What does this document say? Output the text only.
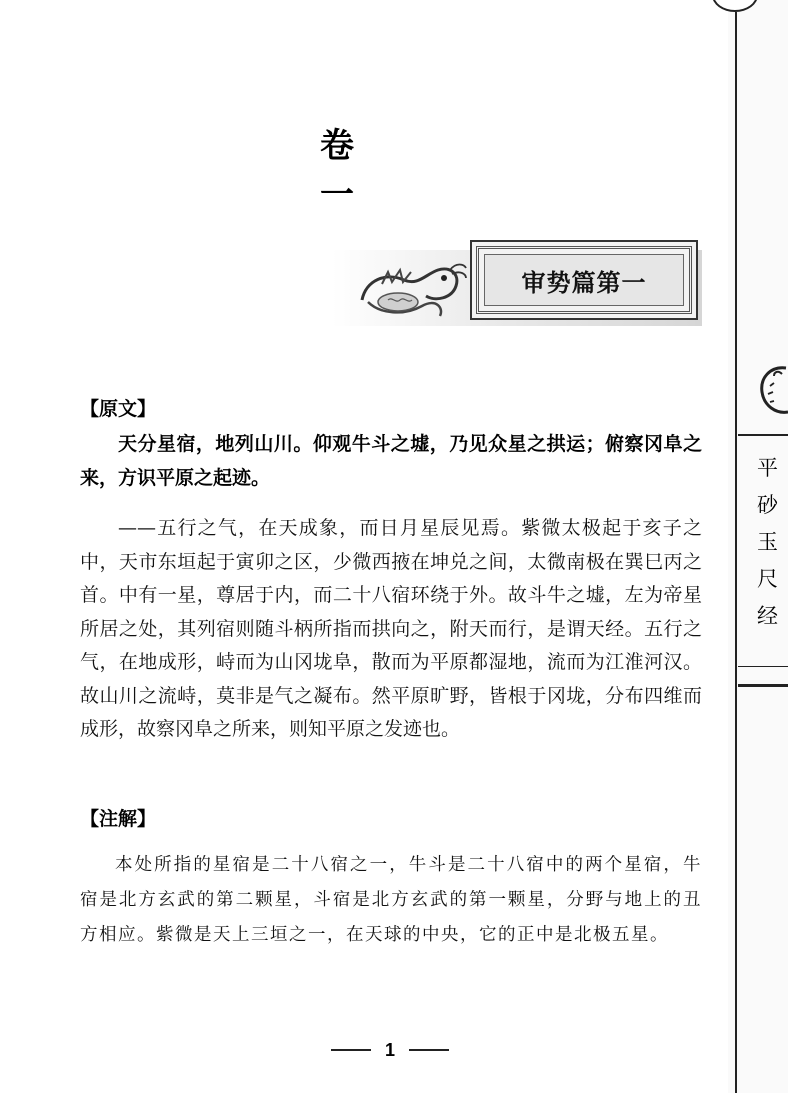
卷一
审势篇第一
【原文】

天分星宿，地列山川。仰观牛斗之墟，乃见众星之拱运；俯察冈阜之来，方识平原之起迹。

——五行之气，在天成象，而日月星辰见焉。紫微太极起于亥子之中，天市东垣起于寅卯之区，少微西掖在坤兑之间，太微南极在巽巳丙之首。中有一星，尊居于内，而二十八宿环绕于外。故斗牛之墟，左为帝星所居之处，其列宿则随斗柄所指而拱向之，附天而行，是谓天经。五行之气，在地成形，峙而为山冈垅阜，散而为平原都湿地，流而为江淮河汉。故山川之流峙，莫非是气之凝布。然平原旷野，皆根于冈垅，分布四维而成形，故察冈阜之所来，则知平原之发迹也。

【注解】

本处所指的星宿是二十八宿之一，牛斗是二十八宿中的两个星宿，牛宿是北方玄武的第二颗星，斗宿是北方玄武的第一颗星，分野与地上的丑方相应。紫微是天上三垣之一，在天球的中央，它的正中是北极五星。

1
平砂玉尺经
